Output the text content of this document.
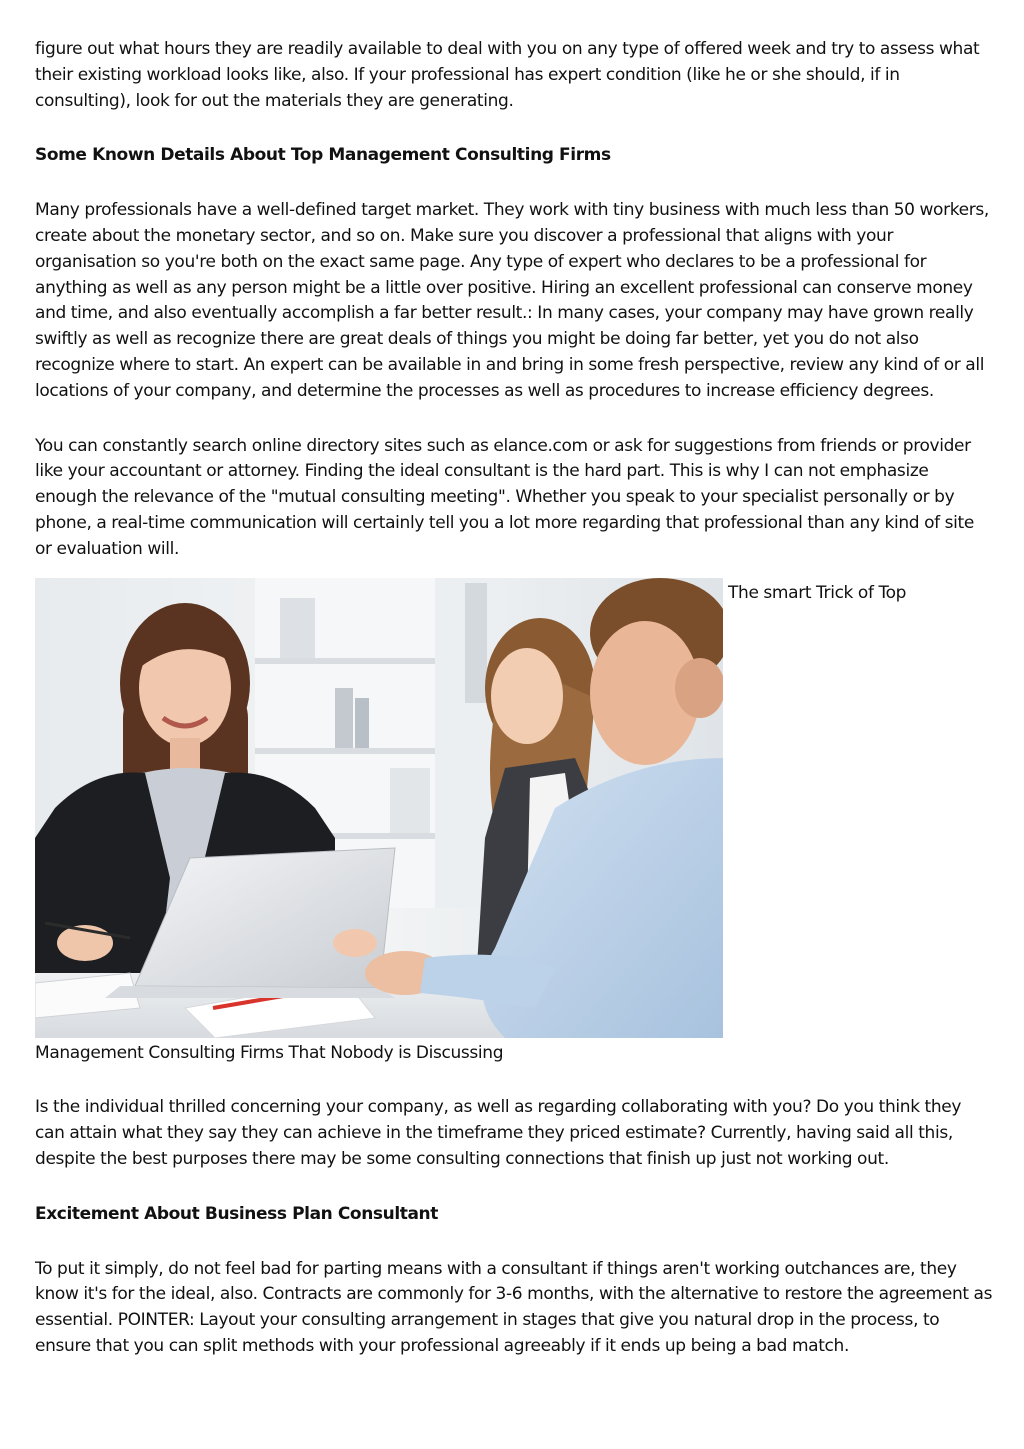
figure out what hours they are readily available to deal with you on any type of offered week and try to assess what their existing workload looks like, also. If your professional has expert condition (like he or she should, if in consulting), look for out the materials they are generating.

Some Known Details About Top Management Consulting Firms

Many professionals have a well-defined target market. They work with tiny business with much less than 50 workers, create about the monetary sector, and so on. Make sure you discover a professional that aligns with your organisation so you're both on the exact same page. Any type of expert who declares to be a professional for anything as well as any person might be a little over positive. Hiring an excellent professional can conserve money and time, and also eventually accomplish a far better result.: In many cases, your company may have grown really swiftly as well as recognize there are great deals of things you might be doing far better, yet you do not also recognize where to start. An expert can be available in and bring in some fresh perspective, review any kind of or all locations of your company, and determine the processes as well as procedures to increase efficiency degrees.

You can constantly search online directory sites such as elance.com or ask for suggestions from friends or provider like your accountant or attorney. Finding the ideal consultant is the hard part. This is why I can not emphasize enough the relevance of the "mutual consulting meeting". Whether you speak to your specialist personally or by phone, a real-time communication will certainly tell you a lot more regarding that professional than any kind of site or evaluation will.

The smart Trick of Top

Management Consulting Firms That Nobody is Discussing

Is the individual thrilled concerning your company, as well as regarding collaborating with you? Do you think they can attain what they say they can achieve in the timeframe they priced estimate? Currently, having said all this, despite the best purposes there may be some consulting connections that finish up just not working out.

Excitement About Business Plan Consultant

To put it simply, do not feel bad for parting means with a consultant if things aren't working outchances are, they know it's for the ideal, also. Contracts are commonly for 3-6 months, with the alternative to restore the agreement as essential. POINTER: Layout your consulting arrangement in stages that give you natural drop in the process, to ensure that you can split methods with your professional agreeably if it ends up being a bad match.
